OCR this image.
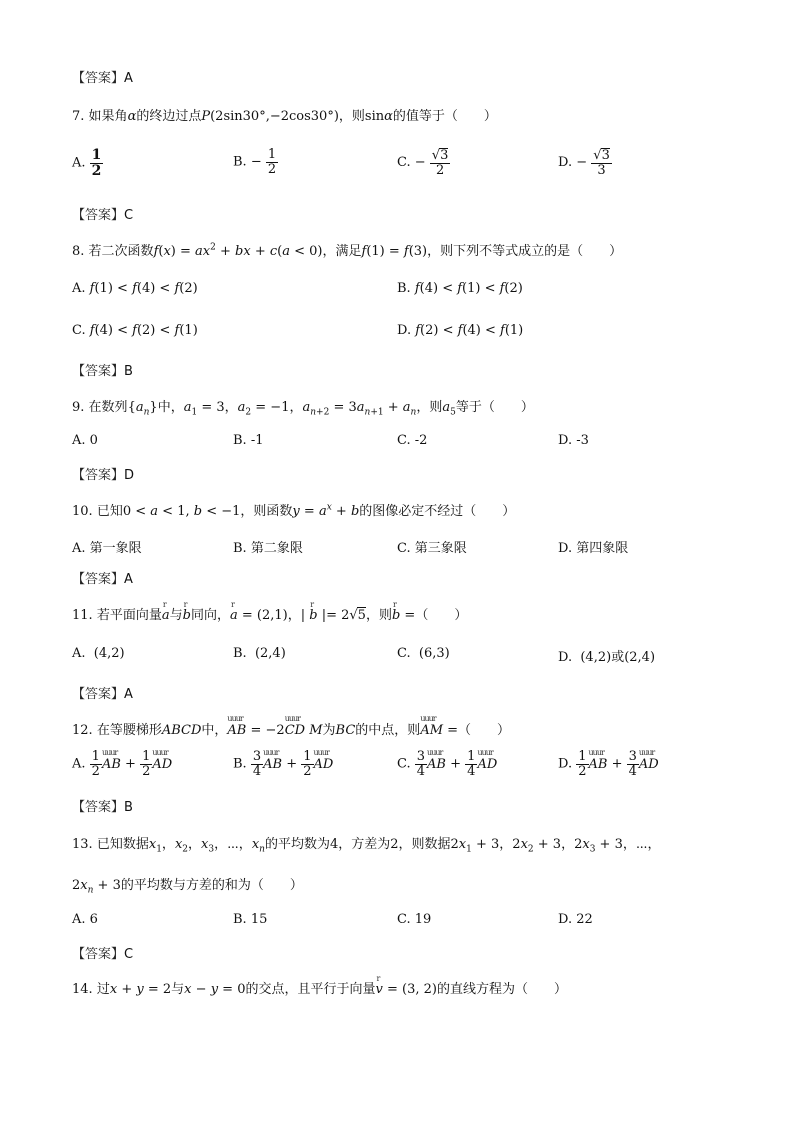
【答案】A
7. 如果角α的终边过点P(2sin30°,−2cos30°)，则sinα的值等于（　　）
A. $\frac{1}{2}$	B. − $\frac{1}{2}$	C. − $\frac{√3}{2}$	D. − $\frac{√3}{3}$
【答案】C
8. 若二次函数$f(x) = ax^2$ + bx + c(a < 0)，满足f(1) = f(3)，则下列不等式成立的是（　　）
A. f(1) < f(4) < f(2)	B. f(4) < f(1) < f(2)
C. f(4) < f(2) < f(1)	D. f(2) < f(4) < f(1)
【答案】B
9. 在数列$\{a_n\}$中，$a_1 = 3$，$a_2 = -1$，$a_{n+2} = 3a_{n+1} + a_n$，则$a_5$等于（　　）
A. 0	B. -1	C. -2	D. -3
【答案】D
10. 已知0 < a < 1, b < −1，则函数$y = a^x + b$的图像必定不经过（　　）
A. 第一象限	B. 第二象限	C. 第三象限	D. 第四象限
【答案】A
11. 若平面向量r a与r b同向，r a = (2,1)，| r b |= 2√5，则r b =（　　）
A.  (4,2)	B.  (2,4)	C.  (6,3)	D.  (4,2)或(2,4)
【答案】A
12. 在等腰梯形ABCD中，uuur AB = −2uuur CD M为BC的中点，则uuur AM =（　　）
A. $\frac{1}{2}$ uuur AB + $\frac{1}{2}$ uuur AD	B. $\frac{3}{4}$ uuur AB + $\frac{1}{2}$ uuur AD	C. $\frac{3}{4}$ uuur AB + $\frac{1}{4}$ uuur AD	D. $\frac{1}{2}$ uuur AB + $\frac{3}{4}$ uuur AD
【答案】B
13. 已知数据$x_1$，$x_2$，$x_3$，⋯，$x_n$的平均数为4，方差为2，则数据$2x_1 + 3$，$2x_2 + 3$，$2x_3 + 3$，⋯，
$2x_n + 3$的平均数与方差的和为（　　）
A. 6	B. 15	C. 19	D. 22
【答案】C
14. 过x + y = 2与x − y = 0的交点，且平行于向量r v = (3, 2)的直线方程为（　　）
